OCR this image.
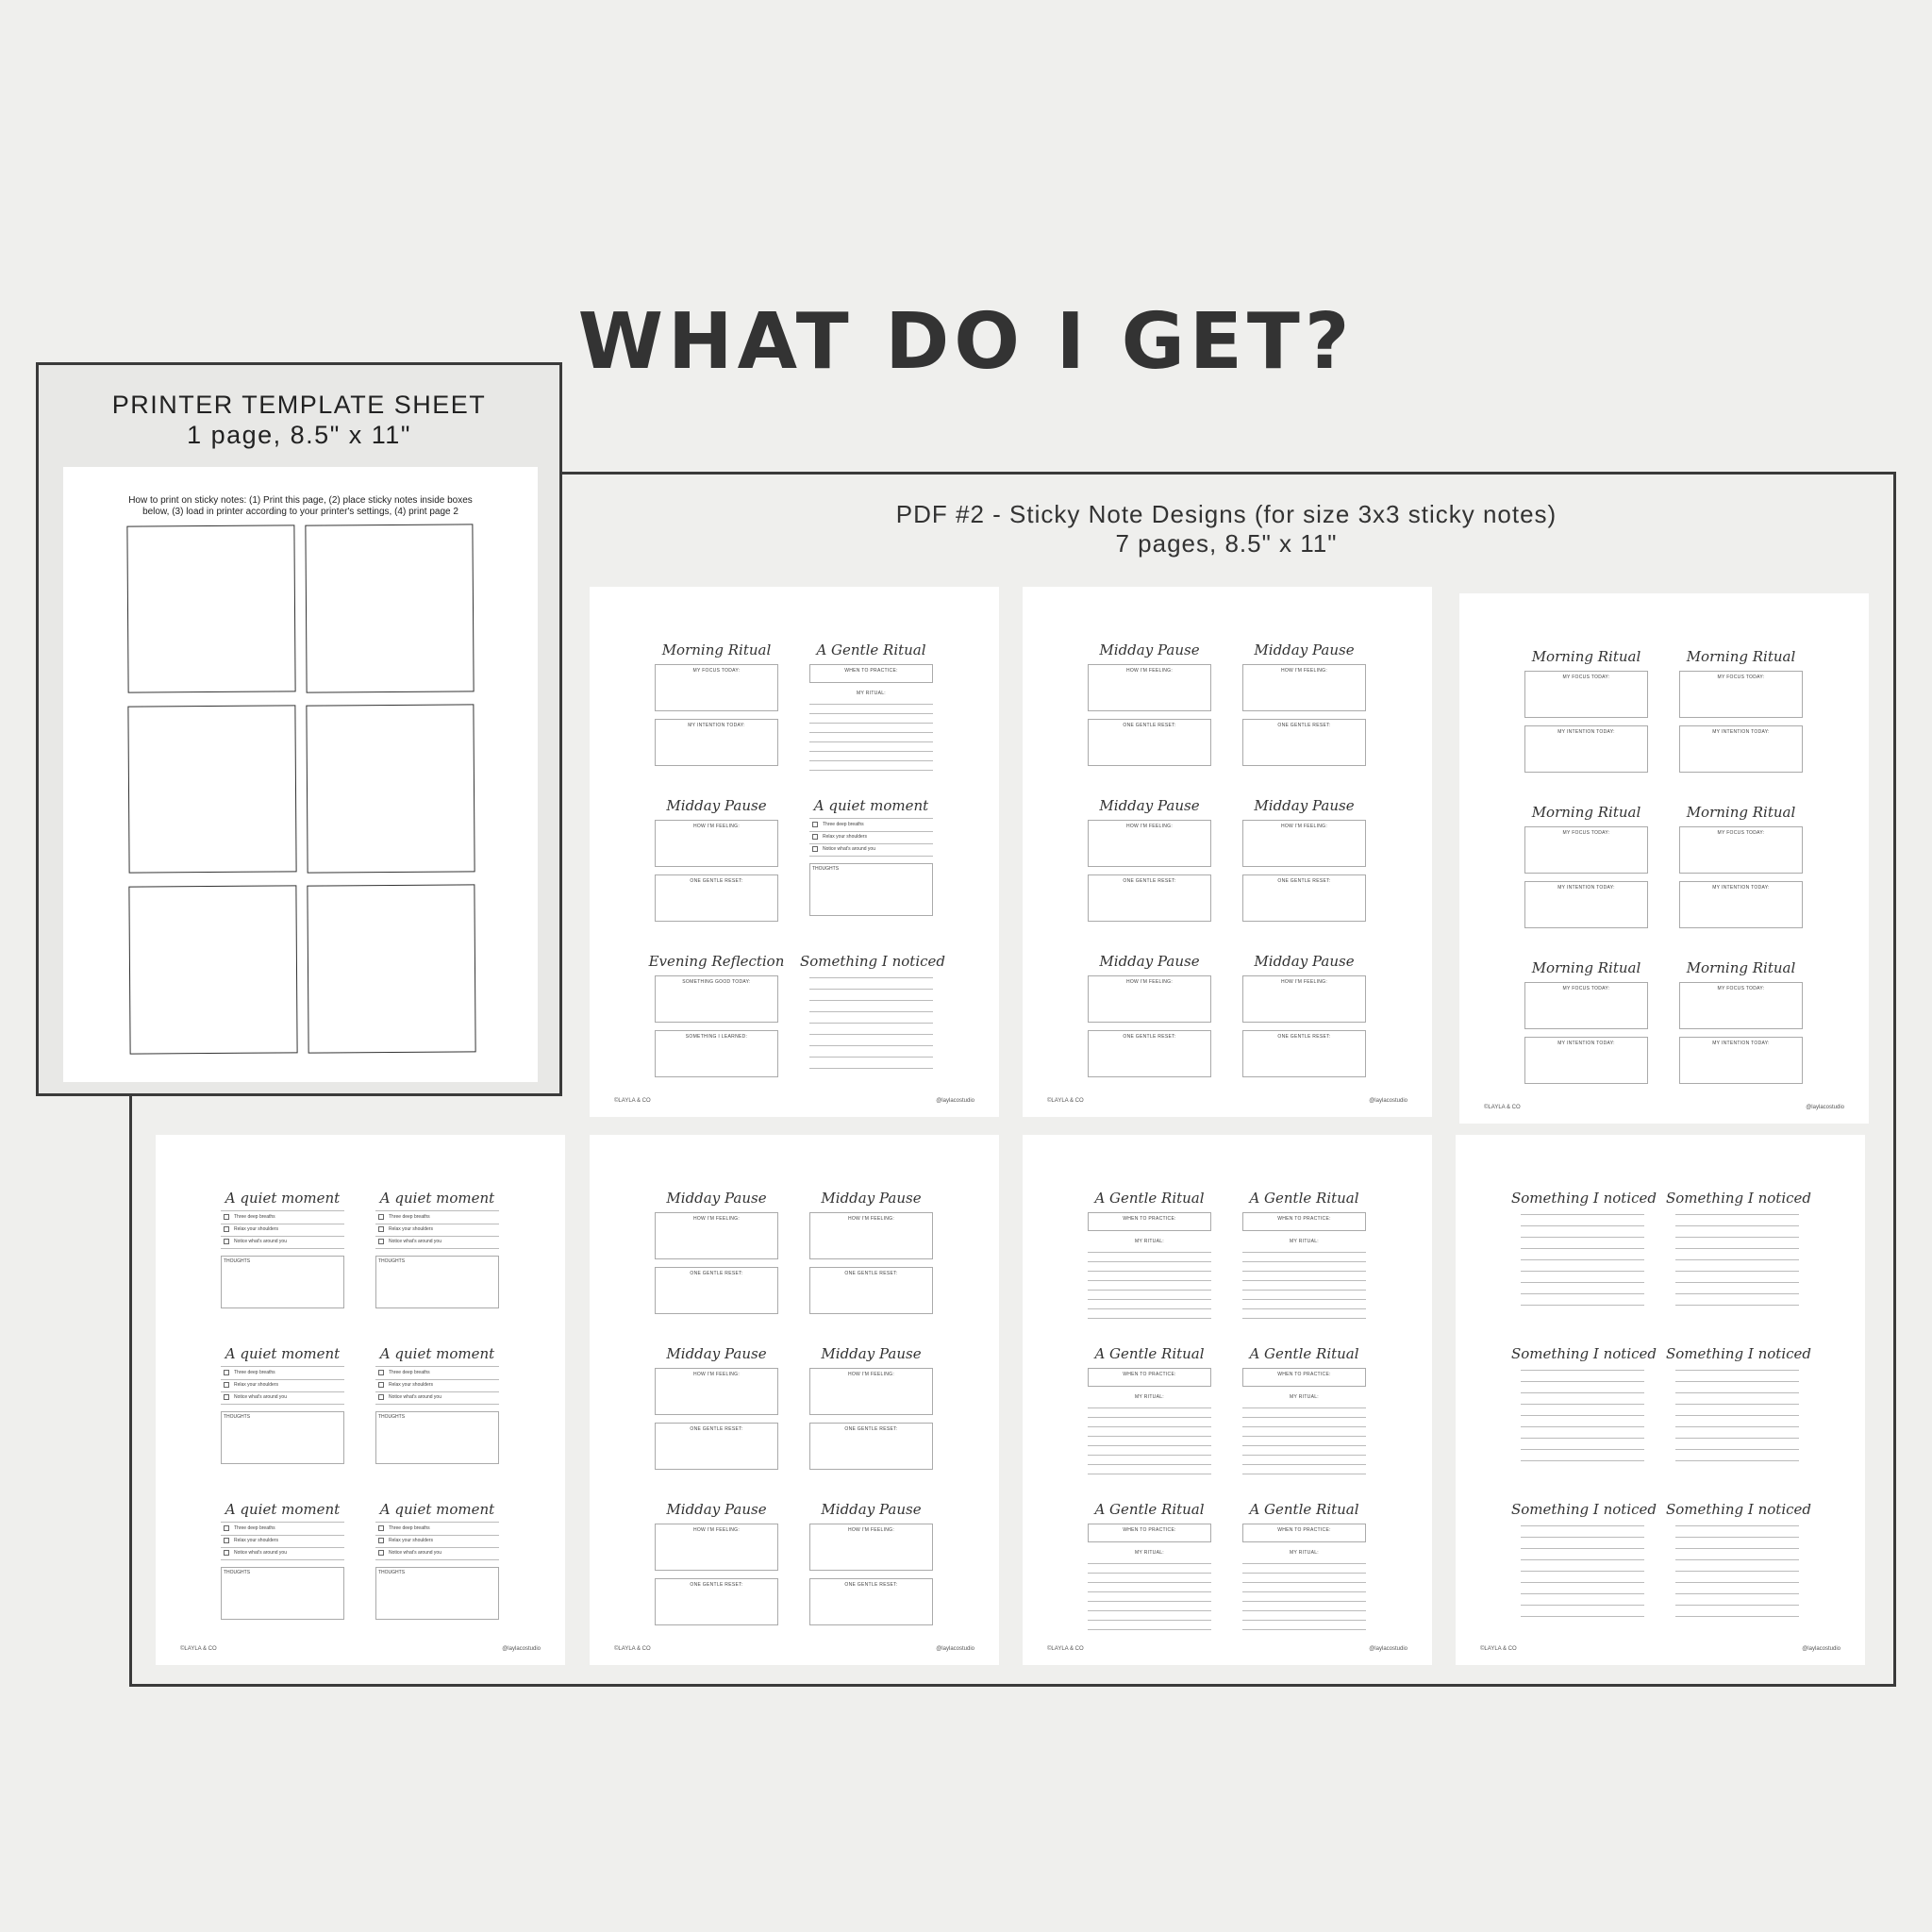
WHAT DO I GET?
PRINTER TEMPLATE SHEET
1 page, 8.5" x 11"
How to print on sticky notes: (1) Print this page, (2) place sticky notes inside boxes below, (3) load in printer according to your printer's settings, (4) print page 2	PDF #2 - Sticky Note Designs (for size 3x3 sticky notes)
7 pages, 8.5" x 11"
Morning Ritual
MY FOCUS TODAY:
MY INTENTION TODAY:
A Gentle Ritual
WHEN TO PRACTICE:
MY RITUAL:
Midday Pause
HOW I'M FEELING:
ONE GENTLE RESET:
A quiet moment
Three deep breaths
Relax your shoulders
Notice what's around you
THOUGHTS
Evening Reflection
SOMETHING GOOD TODAY:
SOMETHING I LEARNED:
Something I noticed
©LAYLA & CO	@laylacostudio
Midday Pause
HOW I'M FEELING:
ONE GENTLE RESET:
Midday Pause
HOW I'M FEELING:
ONE GENTLE RESET:
Midday Pause
HOW I'M FEELING:
ONE GENTLE RESET:
Midday Pause
HOW I'M FEELING:
ONE GENTLE RESET:
Midday Pause
HOW I'M FEELING:
ONE GENTLE RESET:
Midday Pause
HOW I'M FEELING:
ONE GENTLE RESET:
©LAYLA & CO	@laylacostudio
Morning Ritual
MY FOCUS TODAY:
MY INTENTION TODAY:
Morning Ritual
MY FOCUS TODAY:
MY INTENTION TODAY:
Morning Ritual
MY FOCUS TODAY:
MY INTENTION TODAY:
Morning Ritual
MY FOCUS TODAY:
MY INTENTION TODAY:
Morning Ritual
MY FOCUS TODAY:
MY INTENTION TODAY:
Morning Ritual
MY FOCUS TODAY:
MY INTENTION TODAY:
©LAYLA & CO	@laylacostudio
A quiet moment
Three deep breaths
Relax your shoulders
Notice what's around you
THOUGHTS
A quiet moment
Three deep breaths
Relax your shoulders
Notice what's around you
THOUGHTS
A quiet moment
Three deep breaths
Relax your shoulders
Notice what's around you
THOUGHTS
A quiet moment
Three deep breaths
Relax your shoulders
Notice what's around you
THOUGHTS
A quiet moment
Three deep breaths
Relax your shoulders
Notice what's around you
THOUGHTS
A quiet moment
Three deep breaths
Relax your shoulders
Notice what's around you
THOUGHTS
©LAYLA & CO	@laylacostudio
Midday Pause
HOW I'M FEELING:
ONE GENTLE RESET:
Midday Pause
HOW I'M FEELING:
ONE GENTLE RESET:
Midday Pause
HOW I'M FEELING:
ONE GENTLE RESET:
Midday Pause
HOW I'M FEELING:
ONE GENTLE RESET:
Midday Pause
HOW I'M FEELING:
ONE GENTLE RESET:
Midday Pause
HOW I'M FEELING:
ONE GENTLE RESET:
©LAYLA & CO	@laylacostudio
A Gentle Ritual
WHEN TO PRACTICE:
MY RITUAL:
A Gentle Ritual
WHEN TO PRACTICE:
MY RITUAL:
A Gentle Ritual
WHEN TO PRACTICE:
MY RITUAL:
A Gentle Ritual
WHEN TO PRACTICE:
MY RITUAL:
A Gentle Ritual
WHEN TO PRACTICE:
MY RITUAL:
A Gentle Ritual
WHEN TO PRACTICE:
MY RITUAL:
©LAYLA & CO	@laylacostudio
Something I noticed Something I noticed
Something I noticed Something I noticed
Something I noticed Something I noticed
©LAYLA & CO	@laylacostudio
